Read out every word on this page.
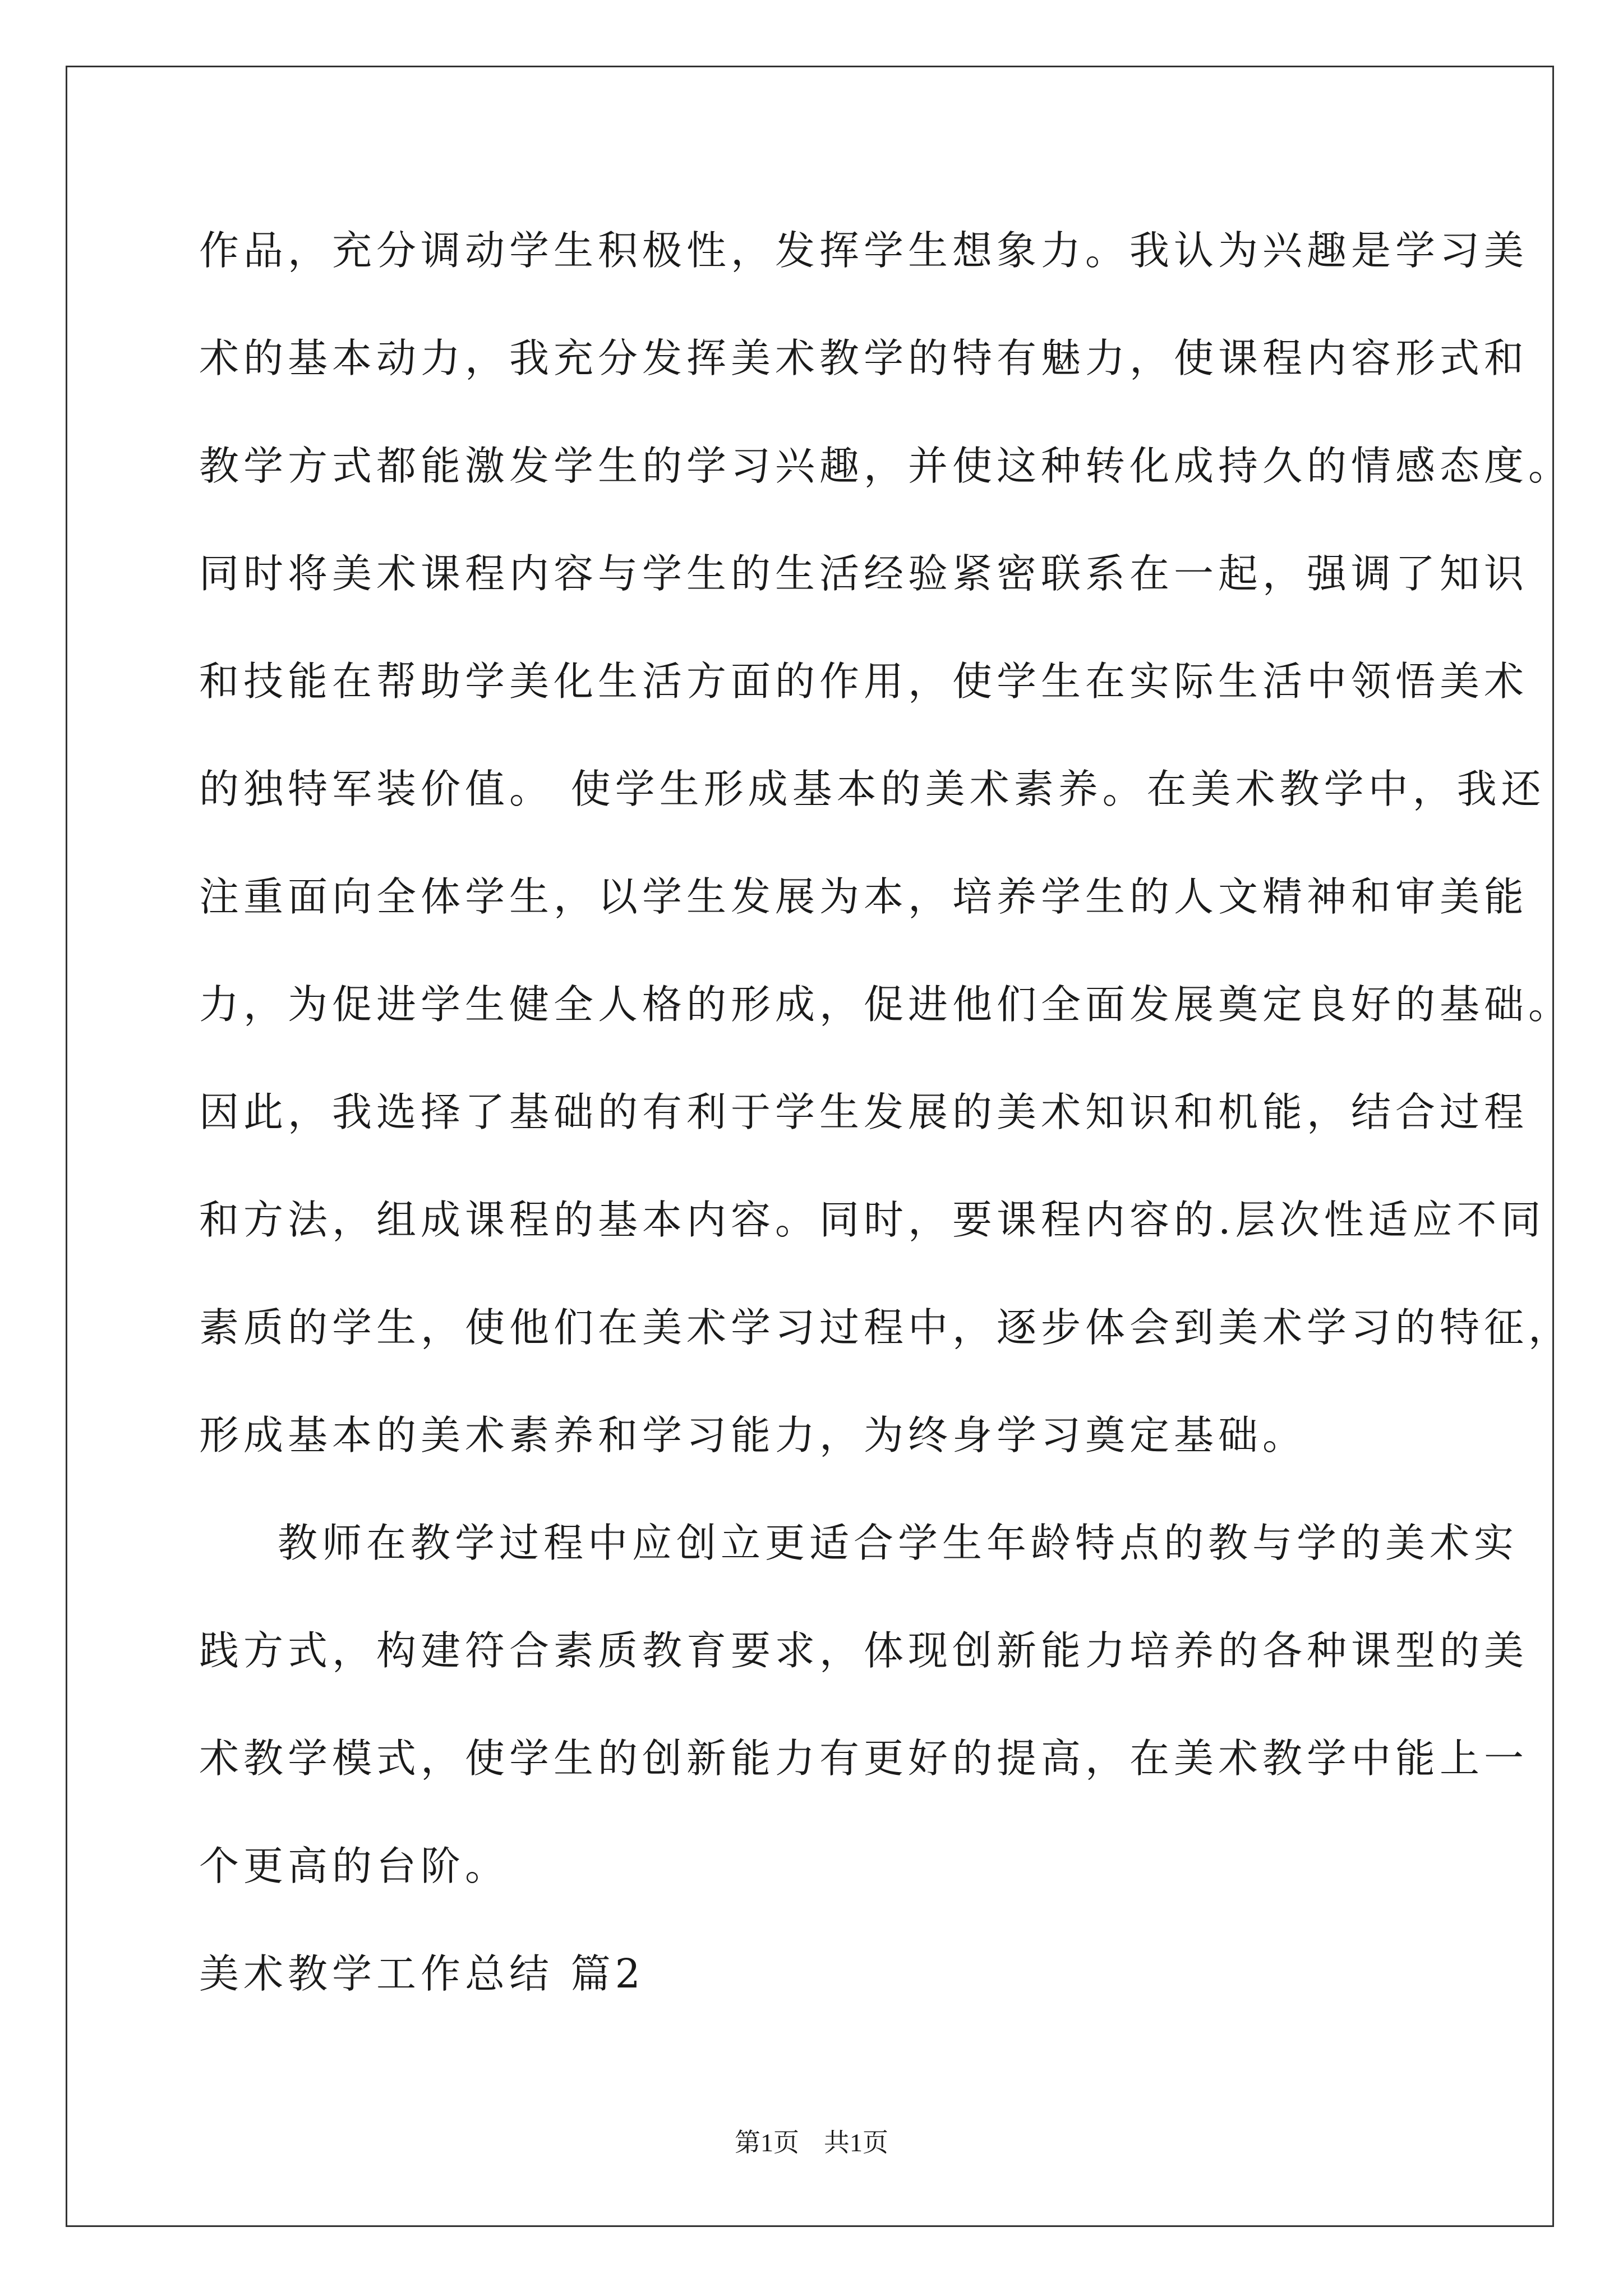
作品，充分调动学生积极性，发挥学生想象力。我认为兴趣是学习美
术的基本动力，我充分发挥美术教学的特有魅力，使课程内容形式和
教学方式都能激发学生的学习兴趣，并使这种转化成持久的情感态度。
同时将美术课程内容与学生的生活经验紧密联系在一起，强调了知识
和技能在帮助学美化生活方面的作用，使学生在实际生活中领悟美术
的独特军装价值。 使学生形成基本的美术素养。在美术教学中，我还
注重面向全体学生，以学生发展为本，培养学生的人文精神和审美能
力，为促进学生健全人格的形成，促进他们全面发展奠定良好的基础。
因此，我选择了基础的有利于学生发展的美术知识和机能，结合过程
和方法，组成课程的基本内容。同时，要课程内容的.层次性适应不同
素质的学生，使他们在美术学习过程中，逐步体会到美术学习的特征，
形成基本的美术素养和学习能力，为终身学习奠定基础。
教师在教学过程中应创立更适合学生年龄特点的教与学的美术实
践方式，构建符合素质教育要求，体现创新能力培养的各种课型的美
术教学模式，使学生的创新能力有更好的提高，在美术教学中能上一
个更高的台阶。
美术教学工作总结 篇2
第1页 共1页
